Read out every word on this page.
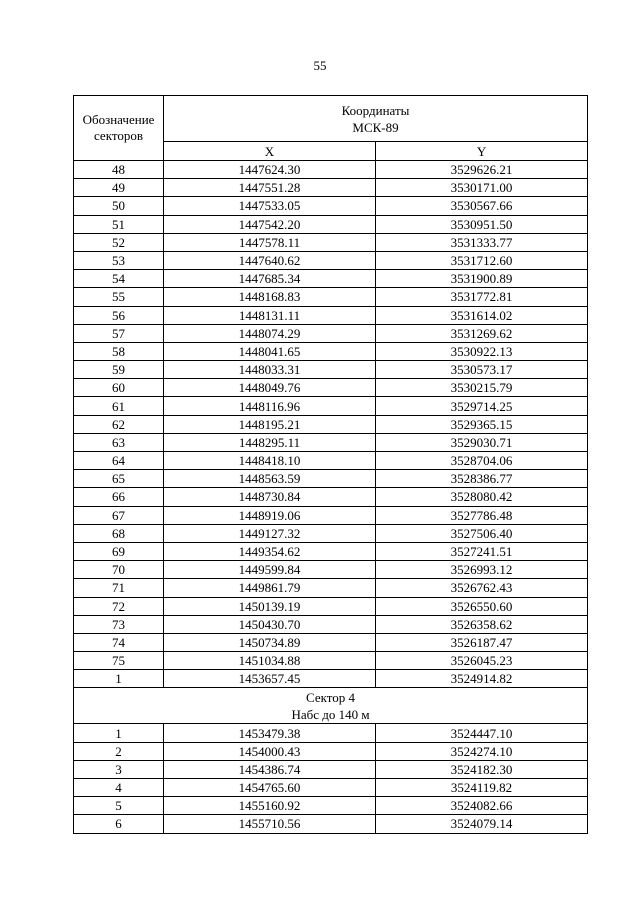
55
Обозначение
секторов	Координаты
МСК-89	

	X	Y
48	1447624.30	3529626.21
49	1447551.28	3530171.00
50	1447533.05	3530567.66
51	1447542.20	3530951.50
52	1447578.11	3531333.77
53	1447640.62	3531712.60
54	1447685.34	3531900.89
55	1448168.83	3531772.81
56	1448131.11	3531614.02
57	1448074.29	3531269.62
58	1448041.65	3530922.13
59	1448033.31	3530573.17
60	1448049.76	3530215.79
61	1448116.96	3529714.25
62	1448195.21	3529365.15
63	1448295.11	3529030.71
64	1448418.10	3528704.06
65	1448563.59	3528386.77
66	1448730.84	3528080.42
67	1448919.06	3527786.48
68	1449127.32	3527506.40
69	1449354.62	3527241.51
70	1449599.84	3526993.12
71	1449861.79	3526762.43
72	1450139.19	3526550.60
73	1450430.70	3526358.62
74	1450734.89	3526187.47
75	1451034.88	3526045.23
1	1453657.45	3524914.82

Сектор 4
Набс до 140 м		

1	1453479.38	3524447.10
2	1454000.43	3524274.10
3	1454386.74	3524182.30
4	1454765.60	3524119.82
5	1455160.92	3524082.66
6	1455710.56	3524079.14
